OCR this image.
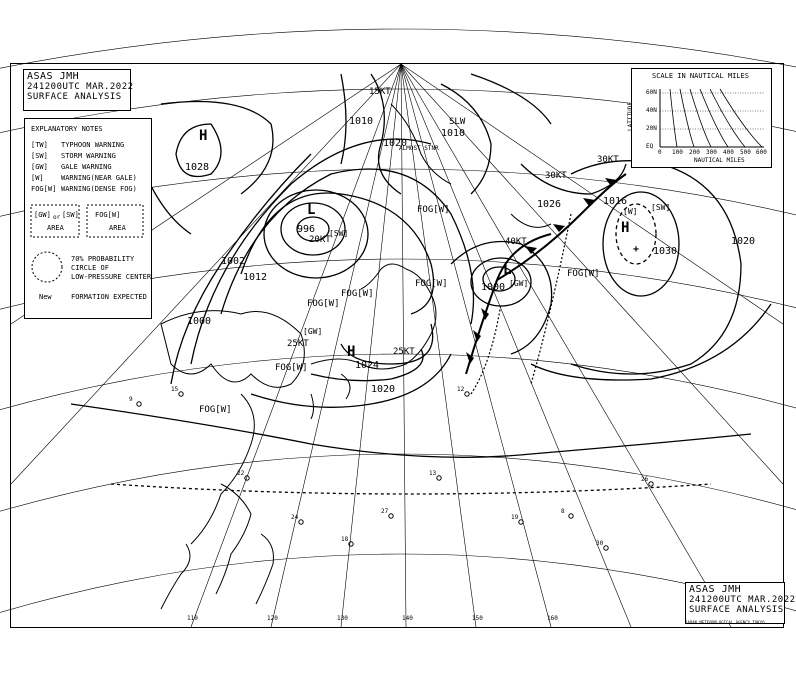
27
13
18
19
8
22
24
12
15
9
30
26
996
1000
1024
1026
1030
1028
1010
1010
1020
1012
1002
1016
1000
1020
1020
L
L
H
H
H
+
[SW]
[GW]
[W]
[GW]
[SW]
20KT
15KT
25KT
30KT
40KT
25KT
30KT
SLW
ALMOST STNR
FOG[W]
FOG[W]
FOG[W]
FOG[W]
FOG[W]
FOG[W]
FOG[W]
110	120	130	140	150	160
ASAS JMH
241200UTC MAR.2022
SURFACE ANALYSIS
EXPLANATORY NOTES
[TW] TYPHOON WARNING
[SW] STORM WARNING
[GW] GALE WARNING
[W] WARNING(NEAR GALE)
FOG[W] WARNING(DENSE FOG)
[GW] or [SW]
AREA
FOG[W]
AREA
70% PROBABILITY
CIRCLE OF
LOW-PRESSURE CENTER
New	FORMATION EXPECTED
SCALE IN NAUTICAL MILES
LATITUDE
60N
40N
20N
EQ
0 100 200 300 400 500 600
NAUTICAL MILES
ASAS JMH
241200UTC MAR.2022
SURFACE ANALYSIS
JAPAN METEOROLOGICAL AGENCY TOKYO
